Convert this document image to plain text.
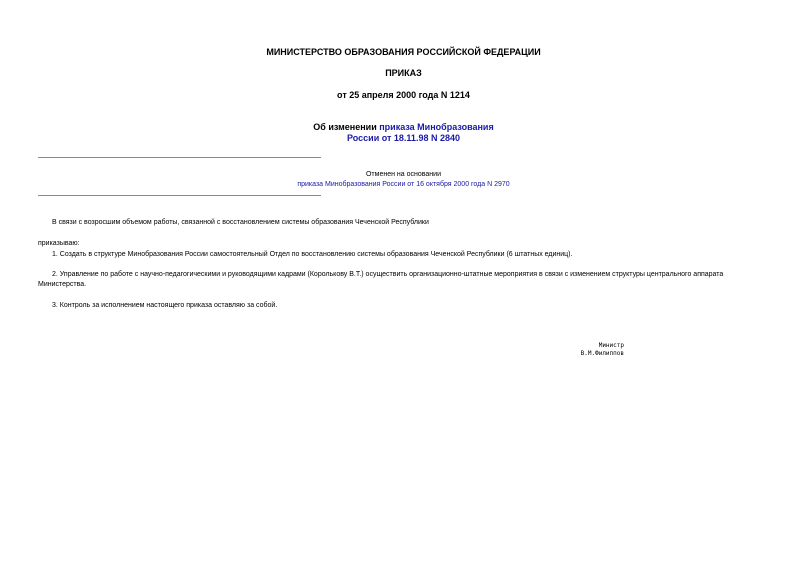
МИНИСТЕРСТВО ОБРАЗОВАНИЯ РОССИЙСКОЙ ФЕДЕРАЦИИ
ПРИКАЗ
от 25 апреля 2000 года N 1214
Об изменении приказа Минобразования
России от 18.11.98 N 2840
Отменен на основании
приказа Минобразования России от 16 октября 2000 года N 2970
В связи с возросшим объемом работы, связанной с восстановлением системы образования Чеченской Республики
приказываю:
1. Создать в структуре Минобразования России самостоятельный Отдел по восстановлению системы образования Чеченской Республики (6 штатных единиц).
2. Управление по работе с научно-педагогическими и руководящими кадрами (Королькову В.Т.) осуществить организационно-штатные мероприятия в связи с изменением структуры центрального аппарата
Министерства.
3. Контроль за исполнением настоящего приказа оставляю за собой.
Министр
В.М.Филиппов
